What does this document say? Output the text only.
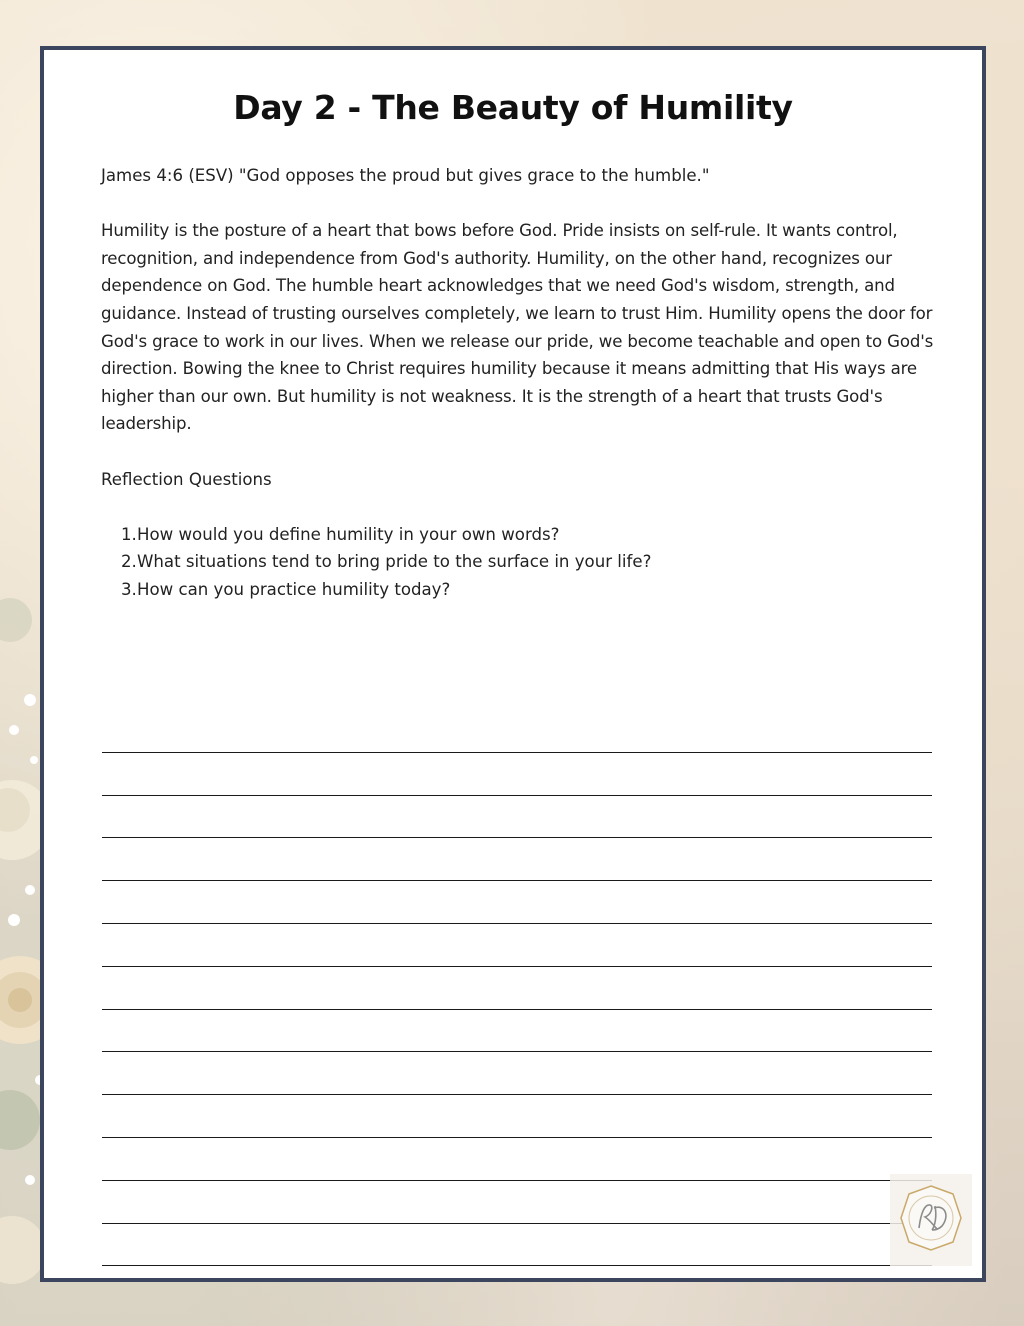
Day 2 - The Beauty of Humility

James 4:6 (ESV) "God opposes the proud but gives grace to the humble."

Humility is the posture of a heart that bows before God. Pride insists on self-rule. It wants control, recognition, and independence from God's authority. Humility, on the other hand, recognizes our dependence on God. The humble heart acknowledges that we need God's wisdom, strength, and guidance. Instead of trusting ourselves completely, we learn to trust Him. Humility opens the door for God's grace to work in our lives. When we release our pride, we become teachable and open to God's direction. Bowing the knee to Christ requires humility because it means admitting that His ways are higher than our own. But humility is not weakness. It is the strength of a heart that trusts God's leadership.

Reflection Questions

1. How would you define humility in your own words?
2. What situations tend to bring pride to the surface in your life?
3. How can you practice humility today?
